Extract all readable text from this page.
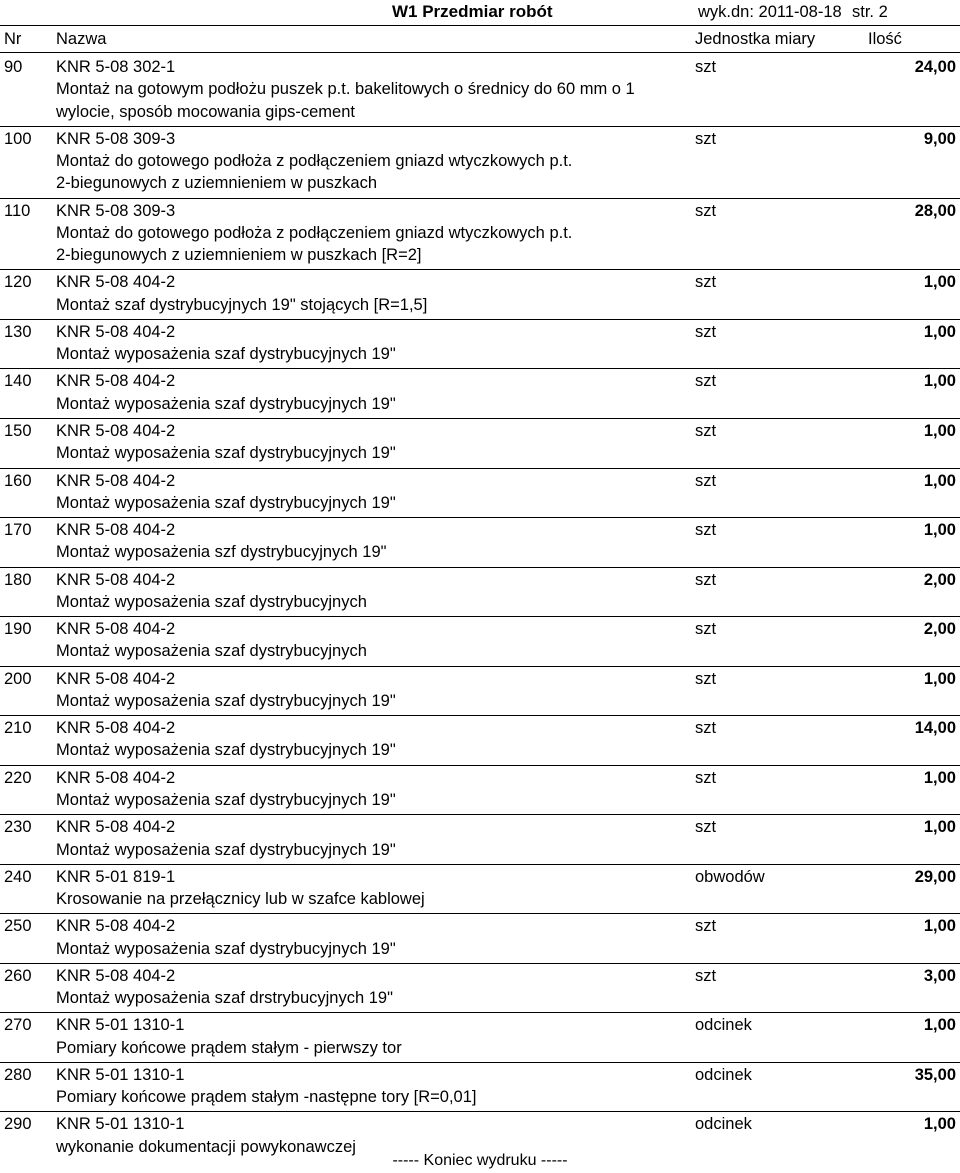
W1 Przedmiar robót	wyk.dn: 2011-08-18 str. 2
Nr Nazwa	Jednostka miary	Ilość
90 KNR 5-08 302-1
Montaż na gotowym podłożu puszek p.t. bakelitowych o średnicy do 60 mm o 1
wylocie, sposób mocowania gips-cement
szt	24,00
100 KNR 5-08 309-3
Montaż do gotowego podłoża z podłączeniem gniazd wtyczkowych p.t.
2-biegunowych z uziemnieniem w puszkach
szt	9,00
110 KNR 5-08 309-3
Montaż do gotowego podłoża z podłączeniem gniazd wtyczkowych p.t.
2-biegunowych z uziemnieniem w puszkach [R=2]
szt	28,00
120 KNR 5-08 404-2
Montaż szaf dystrybucyjnych 19" stojących [R=1,5]
szt	1,00
130 KNR 5-08 404-2
Montaż wyposażenia szaf dystrybucyjnych 19"
szt	1,00
140 KNR 5-08 404-2
Montaż wyposażenia szaf dystrybucyjnych 19"
szt	1,00
150 KNR 5-08 404-2
Montaż wyposażenia szaf dystrybucyjnych 19"
szt	1,00
160 KNR 5-08 404-2
Montaż wyposażenia szaf dystrybucyjnych 19"
szt	1,00
170 KNR 5-08 404-2
Montaż wyposażenia szf dystrybucyjnych 19"
szt	1,00
180 KNR 5-08 404-2
Montaż wyposażenia szaf dystrybucyjnych
szt	2,00
190 KNR 5-08 404-2
Montaż wyposażenia szaf dystrybucyjnych
szt	2,00
200 KNR 5-08 404-2
Montaż wyposażenia szaf dystrybucyjnych 19"
szt	1,00
210 KNR 5-08 404-2
Montaż wyposażenia szaf dystrybucyjnych 19"
szt	14,00
220 KNR 5-08 404-2
Montaż wyposażenia szaf dystrybucyjnych 19"
szt	1,00
230 KNR 5-08 404-2
Montaż wyposażenia szaf dystrybucyjnych 19"
szt	1,00
240 KNR 5-01 819-1
Krosowanie na przełącznicy lub w szafce kablowej
obwodów	29,00
250 KNR 5-08 404-2
Montaż wyposażenia szaf dystrybucyjnych 19"
szt	1,00
260 KNR 5-08 404-2
Montaż wyposażenia szaf drstrybucyjnych 19"
szt	3,00
270 KNR 5-01 1310-1
Pomiary końcowe prądem stałym - pierwszy tor
odcinek	1,00
280 KNR 5-01 1310-1
Pomiary końcowe prądem stałym -następne tory [R=0,01]
odcinek	35,00
290 KNR 5-01 1310-1
wykonanie dokumentacji powykonawczej
odcinek	1,00
----- Koniec wydruku -----
